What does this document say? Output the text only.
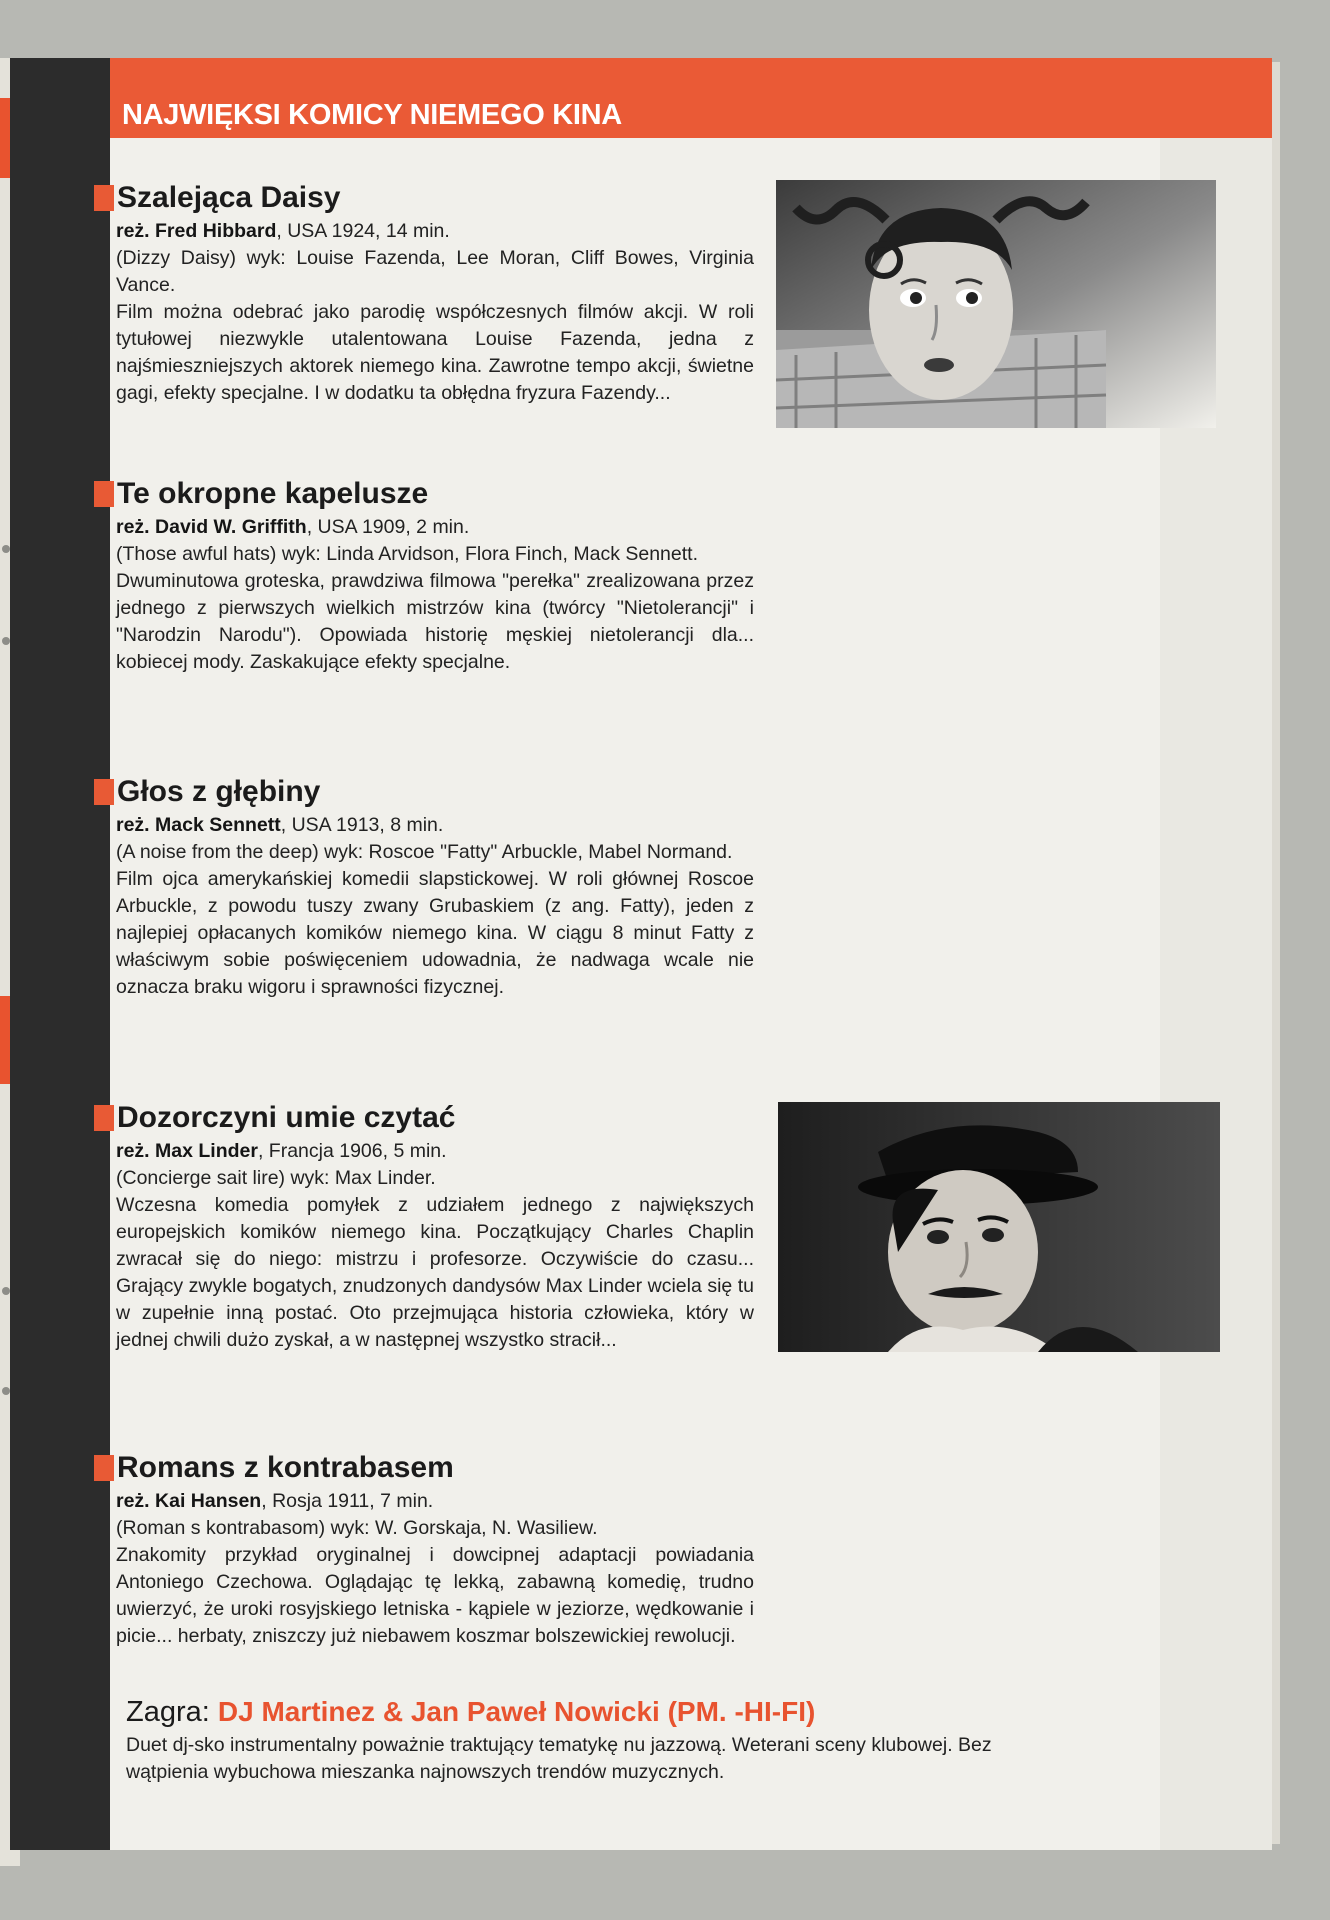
NAJWIĘKSI KOMICY NIEMEGO KINA
Szalejąca Daisy

reż. Fred Hibbard, USA 1924, 14 min.

(Dizzy Daisy) wyk: Louise Fazenda, Lee Moran, Cliff Bowes, Virginia Vance.

Film można odebrać jako parodię współczesnych filmów akcji. W roli tytułowej niezwykle utalentowana Louise Fazenda, jedna z najśmieszniejszych aktorek niemego kina. Zawrotne tempo akcji, świetne gagi, efekty specjalne. I w dodatku ta obłędna fryzura Fazendy...

Te okropne kapelusze

reż. David W. Griffith, USA 1909, 2 min.

(Those awful hats) wyk: Linda Arvidson, Flora Finch, Mack Sennett.

Dwuminutowa groteska, prawdziwa filmowa "perełka" zrealizowana przez jednego z pierwszych wielkich mistrzów kina (twórcy "Nietolerancji" i "Narodzin Narodu"). Opowiada historię męskiej nietolerancji dla... kobiecej mody. Zaskakujące efekty specjalne.

Głos z głębiny

reż. Mack Sennett, USA 1913, 8 min.

(A noise from the deep) wyk: Roscoe "Fatty" Arbuckle, Mabel Normand.

Film ojca amerykańskiej komedii slapstickowej. W roli głównej Roscoe Arbuckle, z powodu tuszy zwany Grubaskiem (z ang. Fatty), jeden z najlepiej opłacanych komików niemego kina. W ciągu 8 minut Fatty z właściwym sobie poświęceniem udowadnia, że nadwaga wcale nie oznacza braku wigoru i sprawności fizycznej.

Dozorczyni umie czytać

reż. Max Linder, Francja 1906, 5 min.

(Concierge sait lire) wyk: Max Linder.

Wczesna komedia pomyłek z udziałem jednego z największych europejskich komików niemego kina. Początkujący Charles Chaplin zwracał się do niego: mistrzu i profesorze. Oczywiście do czasu... Grający zwykle bogatych, znudzonych dandysów Max Linder wciela się tu w zupełnie inną postać. Oto przejmująca historia człowieka, który w jednej chwili dużo zyskał, a w następnej wszystko stracił...

Romans z kontrabasem

reż. Kai Hansen, Rosja 1911, 7 min.

(Roman s kontrabasom) wyk: W. Gorskaja, N. Wasiliew.

Znakomity przykład oryginalnej i dowcipnej adaptacji powiadania Antoniego Czechowa. Oglądając tę lekką, zabawną komedię, trudno uwierzyć, że uroki rosyjskiego letniska - kąpiele w jeziorze, wędkowanie i picie... herbaty, zniszczy już niebawem koszmar bolszewickiej rewolucji.

Zagra: DJ Martinez & Jan Paweł Nowicki (PM. -HI-FI)

Duet dj-sko instrumentalny poważnie traktujący tematykę nu jazzową. Weterani sceny klubowej. Bez wątpienia wybuchowa mieszanka najnowszych trendów muzycznych.
